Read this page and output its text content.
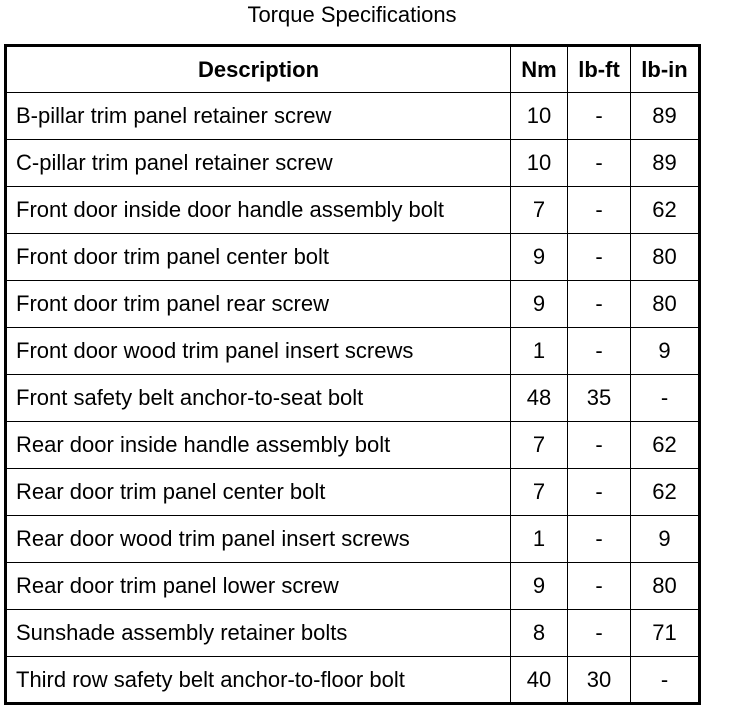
Torque Specifications
Description	Nm	lb-ft	lb-in
B-pillar trim panel retainer screw	10	-	89
C-pillar trim panel retainer screw	10	-	89
Front door inside door handle assembly bolt	7	-	62
Front door trim panel center bolt	9	-	80
Front door trim panel rear screw	9	-	80
Front door wood trim panel insert screws	1	-	9
Front safety belt anchor-to-seat bolt	48	35	-
Rear door inside handle assembly bolt	7	-	62
Rear door trim panel center bolt	7	-	62
Rear door wood trim panel insert screws	1	-	9
Rear door trim panel lower screw	9	-	80
Sunshade assembly retainer bolts	8	-	71
Third row safety belt anchor-to-floor bolt	40	30	-
